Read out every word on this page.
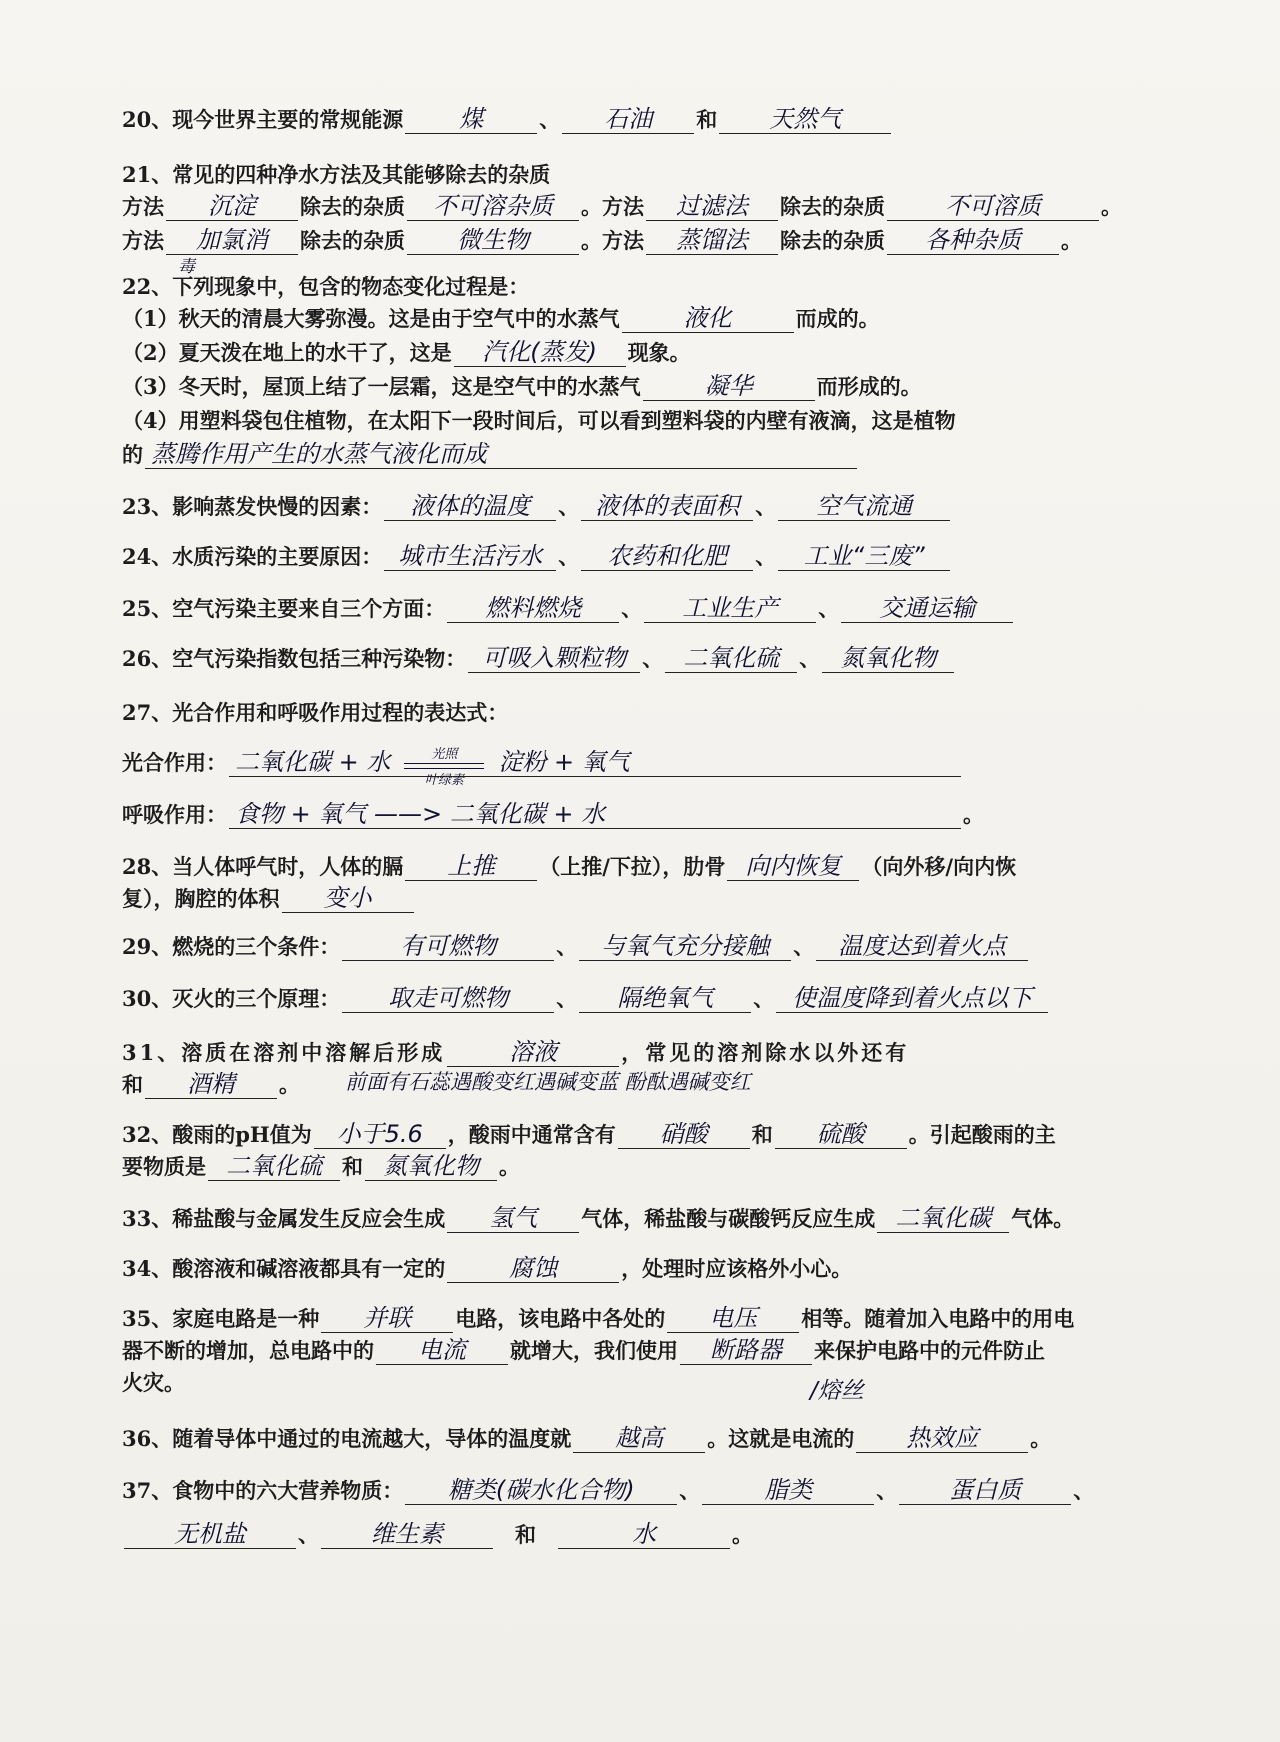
20、现今世界主要的常规能源 煤	、 石油 和 天然气
21、常见的四种净水方法及其能够除去的杂质
方法 沉淀 除去的杂质 不可溶杂质 。方法 过滤法 除去的杂质	不可溶质	。
方法 加氯消 除去的杂质 微生物 。方法 蒸馏法 除去的杂质 各种杂质 。
毒
22、下列现象中，包含的物态变化过程是：
（1）秋天的清晨大雾弥漫。这是由于空气中的水蒸气	液化	而成的。
（2）夏天泼在地上的水干了，这是 汽化(蒸发) 现象。
（3）冬天时，屋顶上结了一层霜，这是空气中的水蒸气	凝华	而形成的。
（4）用塑料袋包住植物，在太阳下一段时间后，可以看到塑料袋的内壁有液滴，这是植物
的 蒸腾作用产生的水蒸气液化而成
23、影响蒸发快慢的因素： 液体的温度 、 液体的表面积 、 空气流通
24、水质污染的主要原因： 城市生活污水 、 农药和化肥 、 工业“三废”
25、空气污染主要来自三个方面： 燃料燃烧 、 工业生产 、 交通运输
26、空气污染指数包括三种污染物： 可吸入颗粒物 、 二氧化硫 、 氮氧化物
27、光合作用和呼吸作用过程的表达式：
光合作用： 二氧化碳 + 水	光照
叶绿素
淀粉 + 氧气
呼吸作用： 食物 + 氧气 ——> 二氧化碳 + 水	。
28、当人体呼气时，人体的膈 上推 （上推/下拉），肋骨 向内恢复 （向外移/向内恢
复），胸腔的体积 变小
29、燃烧的三个条件：	有可燃物	、 与氧气充分接触 、 温度达到着火点
30、灭火的三个原理： 取走可燃物 、 隔绝氧气 、 使温度降到着火点以下
31、溶质在溶剂中溶解后形成	溶液	，常见的溶剂除水以外还有
和 酒精 。	前面有石蕊遇酸变红遇碱变蓝 酚酞遇碱变红
32、酸雨的pH值为 小于5.6 ，酸雨中通常含有 硝酸 和 硫酸 。引起酸雨的主
要物质是 二氧化硫 和 氮氧化物 。
33、稀盐酸与金属发生反应会生成 氢气 气体，稀盐酸与碳酸钙反应生成 二氧化碳 气体。
34、酸溶液和碱溶液都具有一定的	腐蚀	，处理时应该格外小心。
35、家庭电路是一种 并联 电路，该电路中各处的 电压 相等。随着加入电路中的用电
器不断的增加，总电路中的 电流 就增大，我们使用 断路器 来保护电路中的元件防止
火灾。	/熔丝
36、随着导体中通过的电流越大，导体的温度就 越高 。这就是电流的 热效应 。
37、食物中的六大营养物质： 糖类(碳水化合物) 、	脂类	、 蛋白质 、
无机盐 、 维生素	和	水	。
